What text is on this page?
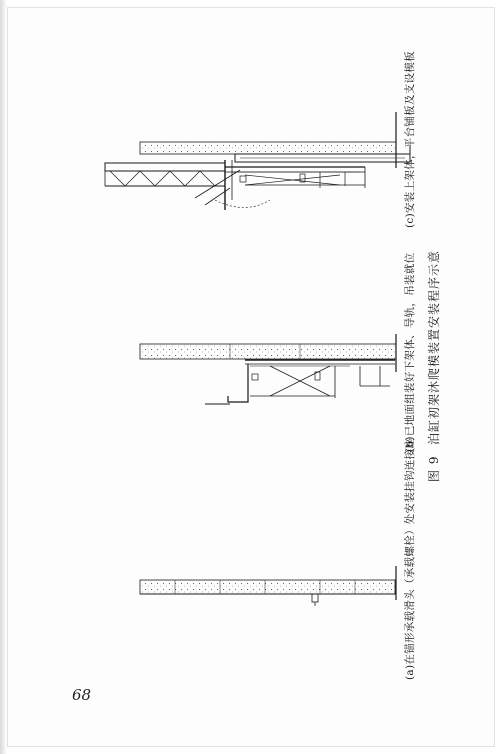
(a)在锚形承载滑头（承载螺栓）处安装挂钩连接座
(b)已地面组装好下架体、导轨，吊装就位
(c)安装上架体，平台铺板及支设模板
图 9
泊缸初架沐爬模装置安装程序示意
68
